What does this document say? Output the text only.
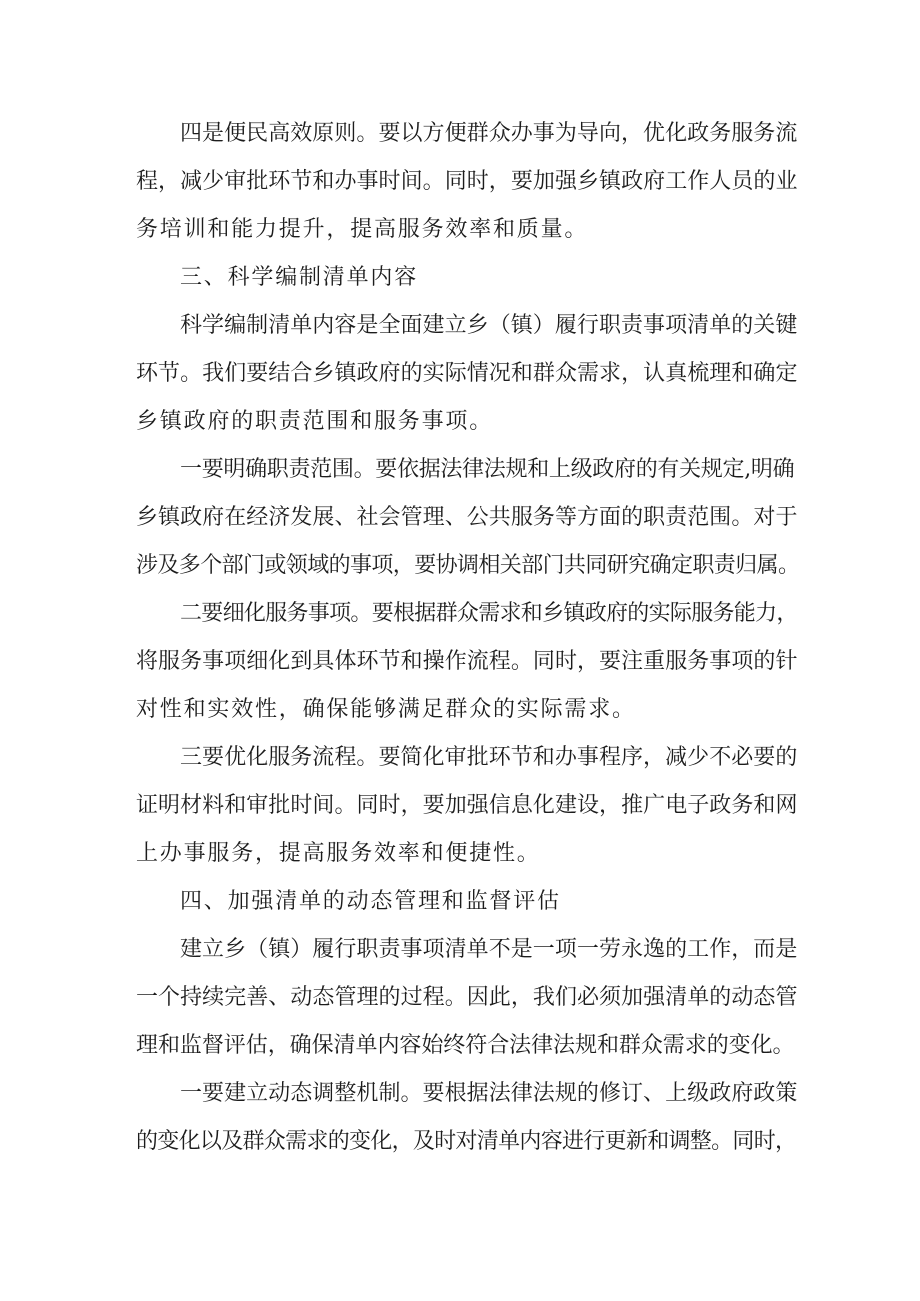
四是便民高效原则。要以方便群众办事为导向，优化政务服务流

程，减少审批环节和办事时间。同时，要加强乡镇政府工作人员的业

务培训和能力提升，提高服务效率和质量。

三、科学编制清单内容

科学编制清单内容是全面建立乡（镇）履行职责事项清单的关键

环节。我们要结合乡镇政府的实际情况和群众需求，认真梳理和确定

乡镇政府的职责范围和服务事项。

一要明确职责范围。要依据法律法规和上级政府的有关规定,明确

乡镇政府在经济发展、社会管理、公共服务等方面的职责范围。对于

涉及多个部门或领域的事项，要协调相关部门共同研究确定职责归属。

二要细化服务事项。要根据群众需求和乡镇政府的实际服务能力，

将服务事项细化到具体环节和操作流程。同时，要注重服务事项的针

对性和实效性，确保能够满足群众的实际需求。

三要优化服务流程。要简化审批环节和办事程序，减少不必要的

证明材料和审批时间。同时，要加强信息化建设，推广电子政务和网

上办事服务，提高服务效率和便捷性。

四、加强清单的动态管理和监督评估

建立乡（镇）履行职责事项清单不是一项一劳永逸的工作，而是

一个持续完善、动态管理的过程。因此，我们必须加强清单的动态管

理和监督评估，确保清单内容始终符合法律法规和群众需求的变化。

一要建立动态调整机制。要根据法律法规的修订、上级政府政策

的变化以及群众需求的变化，及时对清单内容进行更新和调整。同时，
